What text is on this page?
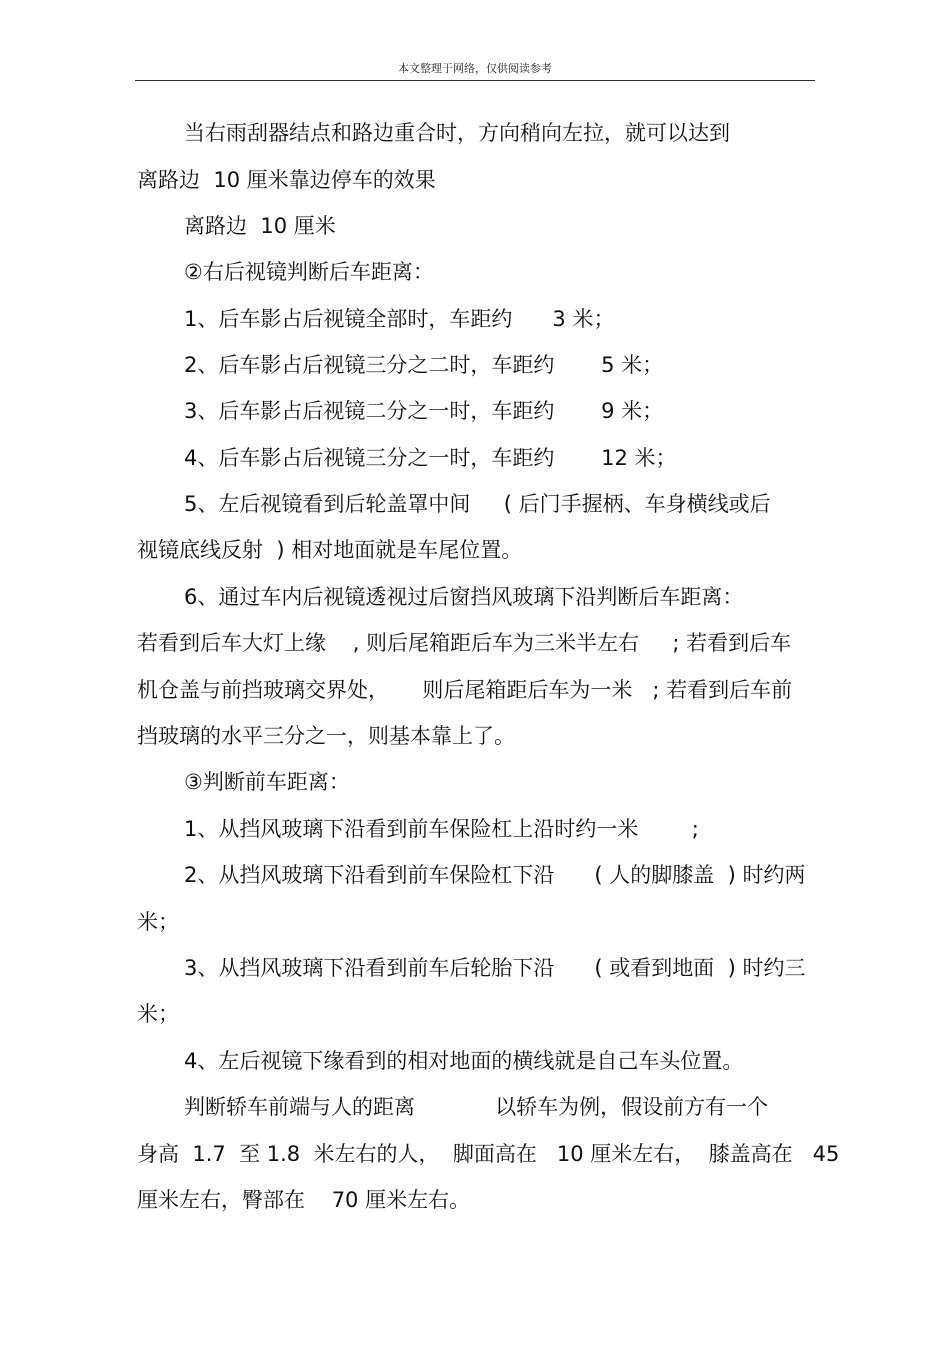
本文整理于网络，仅供阅读参考
当右雨刮器结点和路边重合时，方向稍向左拉，就可以达到
离路边  10 厘米靠边停车的效果
离路边  10 厘米
②右后视镜判断后车距离：
1、后车影占后视镜全部时，车距约      3 米；
2、后车影占后视镜三分之二时，车距约       5 米；
3、后车影占后视镜二分之一时，车距约       9 米；
4、后车影占后视镜三分之一时，车距约       12 米；
5、左后视镜看到后轮盖罩中间     ( 后门手握柄、车身横线或后
视镜底线反射  ) 相对地面就是车尾位置。
6、通过车内后视镜透视过后窗挡风玻璃下沿判断后车距离：
若看到后车大灯上缘    , 则后尾箱距后车为三米半左右     ; 若看到后车
机仓盖与前挡玻璃交界处，     则后尾箱距后车为一米   ; 若看到后车前
挡玻璃的水平三分之一，则基本靠上了。
③判断前车距离：
1、从挡风玻璃下沿看到前车保险杠上沿时约一米        ;
2、从挡风玻璃下沿看到前车保险杠下沿      ( 人的脚膝盖  ) 时约两
米；
3、从挡风玻璃下沿看到前车后轮胎下沿      ( 或看到地面  ) 时约三
米；
4、左后视镜下缘看到的相对地面的横线就是自己车头位置。
判断轿车前端与人的距离            以轿车为例，假设前方有一个
身高  1.7  至 1.8  米左右的人，  脚面高在   10 厘米左右，  膝盖高在   45
厘米左右，臀部在    70 厘米左右。
